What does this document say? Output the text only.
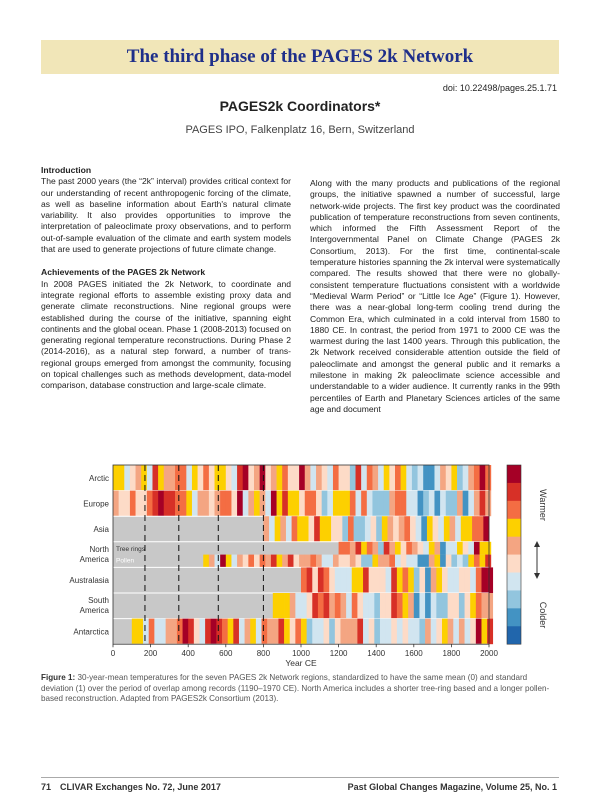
The third phase of the PAGES 2k Network
doi: 10.22498/pages.25.1.71
PAGES2k Coordinators*
PAGES IPO, Falkenplatz 16, Bern, Switzerland
Introduction

The past 2000 years (the “2k” interval) provides critical context for our understanding of recent anthropogenic forcing of the climate, as well as baseline information about Earth's natural climate variability. It also provides opportunities to improve the interpretation of paleoclimate proxy observations, and to perform out-of-sample evaluation of the climate and earth system models that are used to generate projections of future climate change.

Achievements of the PAGES 2k Network

In 2008 PAGES initiated the 2k Network, to coordinate and integrate regional efforts to assemble existing proxy data and generate climate reconstructions. Nine regional groups were established during the course of the initiative, spanning eight continents and the global ocean. Phase 1 (2008-2013) focused on generating regional temperature reconstructions. During Phase 2 (2014-2016), as a natural step forward, a number of trans-regional groups emerged from amongst the community, focusing on topical challenges such as methods development, data-model comparison, database construction and large-scale climate.

Along with the many products and publications of the regional groups, the initiative spawned a number of successful, large network-wide projects. The first key product was the coordinated publication of temperature reconstructions from seven continents, which informed the Fifth Assessment Report of the Intergovernmental Panel on Climate Change (PAGES 2k Consortium, 2013). For the first time, continental-scale temperature histories spanning the 2k interval were systematically compared. The results showed that there were no globally-consistent temperature fluctuations consistent with a worldwide “Medieval Warm Period” or “Little Ice Age” (Figure 1). However, there was a near-global long-term cooling trend during the Common Era, which culminated in a cold interval from 1580 to 1880 CE. In contrast, the period from 1971 to 2000 CE was the warmest during the last 1400 years. Through this publication, the 2k Network received considerable attention outside the field of paleoclimate and amongst the general public and it remarks a milestone in making 2k paleoclimate science accessible and understandable to a wider audience. It currently ranks in the 99th percentiles of Earth and Planetary Sciences articles of the same age and document

Arctic
Europe
Asia
Tree rings
Pollen
North
America
Australasia
South
America
Antarctica
0	200	400	600	800	1000 1200 1400 1600 1800 2000
Year CE
Warmer
Colder
Figure 1: 30-year-mean temperatures for the seven PAGES 2k Network regions, standardized to have the same mean (0) and standard deviation (1) over the period of overlap among records (1190–1970 CE). North America includes a shorter tree-ring based and a longer pollen-based reconstruction. Adapted from PAGES2k Consortium (2013).
71 CLIVAR Exchanges No. 72, June 2017	Past Global Changes Magazine, Volume 25, No. 1
